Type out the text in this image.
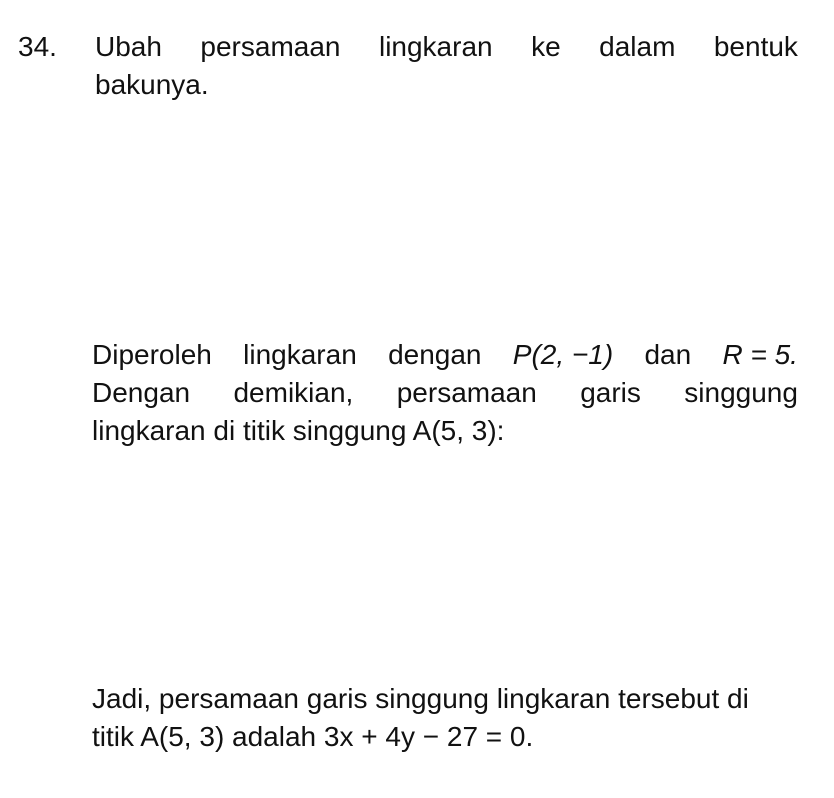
34. Ubah persamaan lingkaran ke dalam bentuk
bakunya.
Diperoleh lingkaran dengan P(2, −1) dan R = 5.
Dengan demikian, persamaan garis singgung
lingkaran di titik singgung A(5, 3):
Jadi, persamaan garis singgung lingkaran tersebut di
titik A(5, 3) adalah 3x + 4y − 27 = 0.
